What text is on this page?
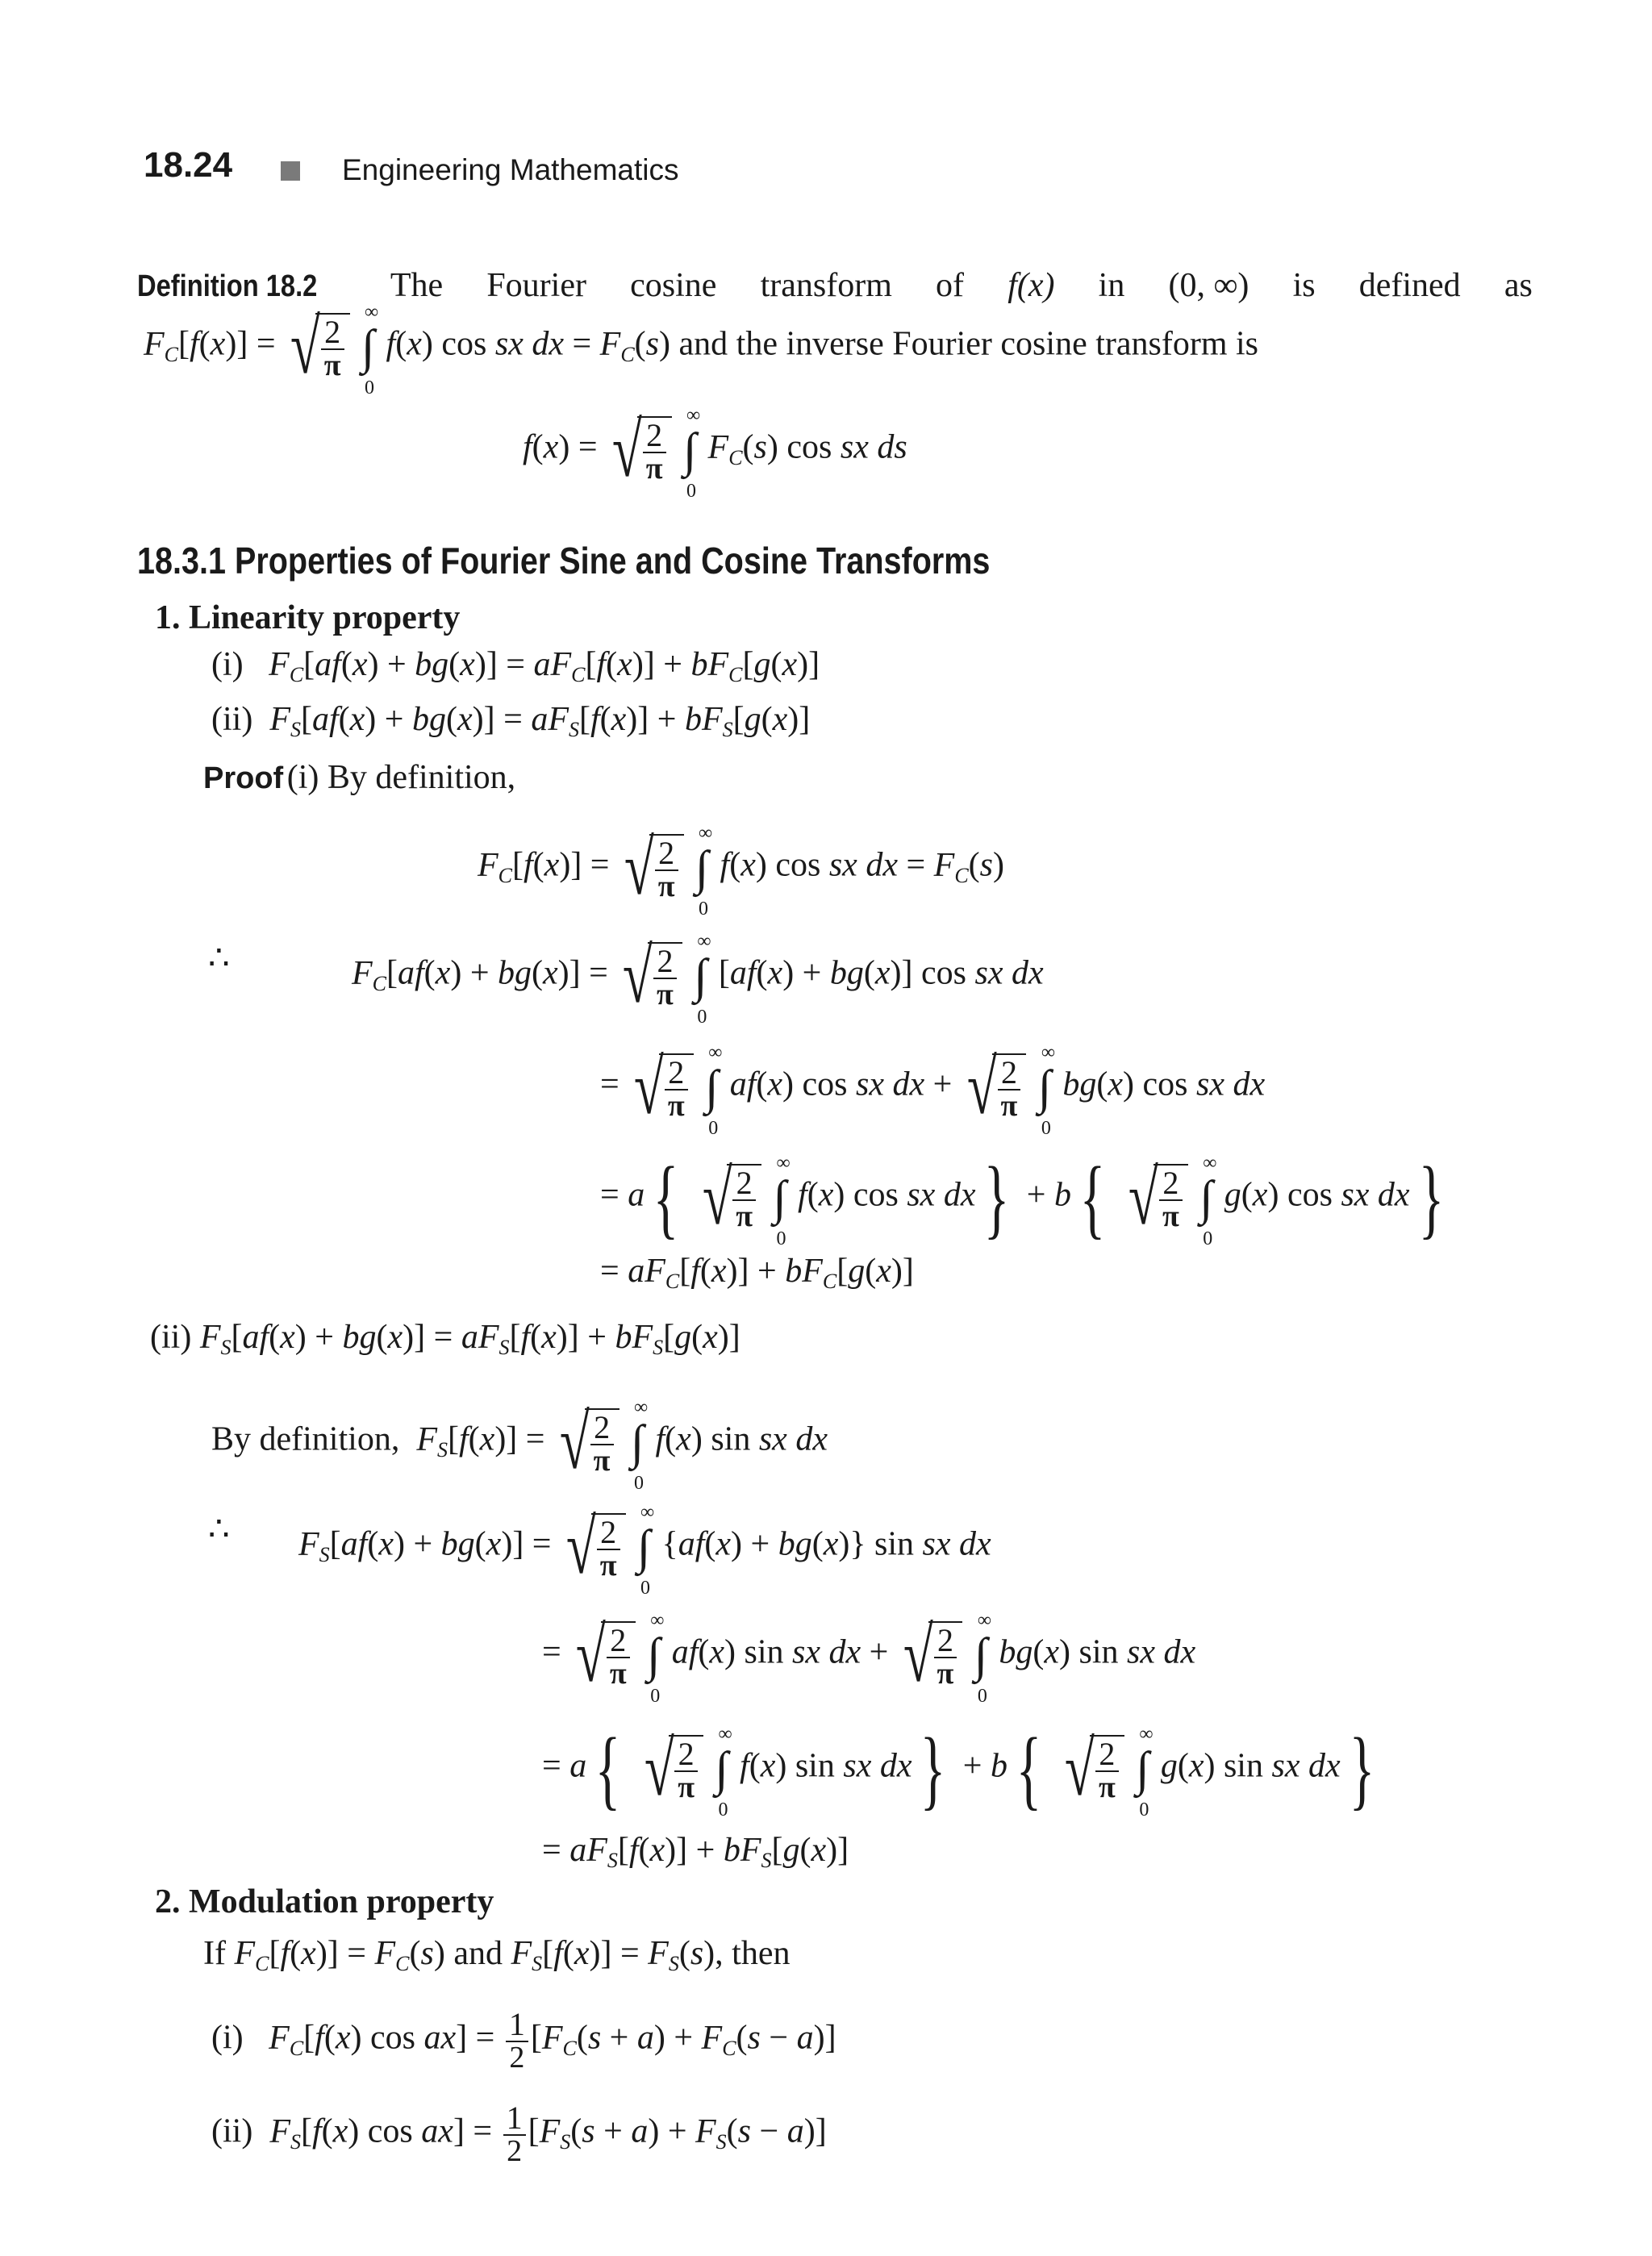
18.24	Engineering Mathematics
Definition 18.2 The Fourier cosine transform of f(x) in (0, ∞) is defined as
$F_C[f(x)]$ = √ $\frac{2}{\pi}$ ∫
∞
0
f(x) cos sx dx = $F_C(s)$ and the inverse Fourier cosine transform is
f(x) = √ $\frac{2}{\pi}$ ∫
∞
0
$F_C(s)$ cos sx ds
18.3.1 Properties of Fourier Sine and Cosine Transforms
1. Linearity property
(i) $F_C[af(x) + bg(x)] = aF_C[f(x)] + bF_C[g(x)]$
(ii) $F_S[af(x) + bg(x)] = aF_S[f(x)] + bF_S[g(x)]$
Proof (i) By definition,
$F_C[f(x)]$ = √ $\frac{2}{\pi}$ ∫
∞
0
f(x) cos sx dx = $F_C(s)$
∴	$F_C[af(x) + bg(x)]$ = √ $\frac{2}{\pi}$ ∫
∞
0
[af(x) + bg(x)] cos sx dx
= √ $\frac{2}{\pi}$ ∫
∞
0
af(x) cos sx dx + √ $\frac{2}{\pi}$ ∫
∞
0
bg(x) cos sx dx
= a{ √ $\frac{2}{\pi}$ ∫
∞
0
f(x) cos sx dx} + b{ √ $\frac{2}{\pi}$ ∫
∞
0
g(x) cos sx dx}
= $aF_C[f(x)] + bF_C[g(x)]$
(ii) $F_S[af(x) + bg(x)] = aF_S[f(x)] + bF_S[g(x)]$
By definition, $F_S[f(x)]$ = √ $\frac{2}{\pi}$ ∫
∞
0
f(x) sin sx dx
∴ $F_S[af(x) + bg(x)]$ = √ $\frac{2}{\pi}$ ∫
∞
0
{af(x) + bg(x)} sin sx dx
= √ $\frac{2}{\pi}$ ∫
∞
0
af(x) sin sx dx + √ $\frac{2}{\pi}$ ∫
∞
0
bg(x) sin sx dx
= a{ √ $\frac{2}{\pi}$ ∫
∞
0
f(x) sin sx dx} + b{ √ $\frac{2}{\pi}$ ∫
∞
0
g(x) sin sx dx}
= $aF_S[f(x)] + bF_S[g(x)]$
2. Modulation property
If $F_C[f(x)] = F_C(s)$ and $F_S[f(x)] = F_S(s)$, then
(i) $F_C[f(x)$ $\cos ax] = \frac{1}{2} [F_C(s + a) + F_C(s - a)]$
(ii) $F_S[f(x)$ $\cos ax] = \frac{1}{2} [F_S(s + a) + F_S(s - a)]$
